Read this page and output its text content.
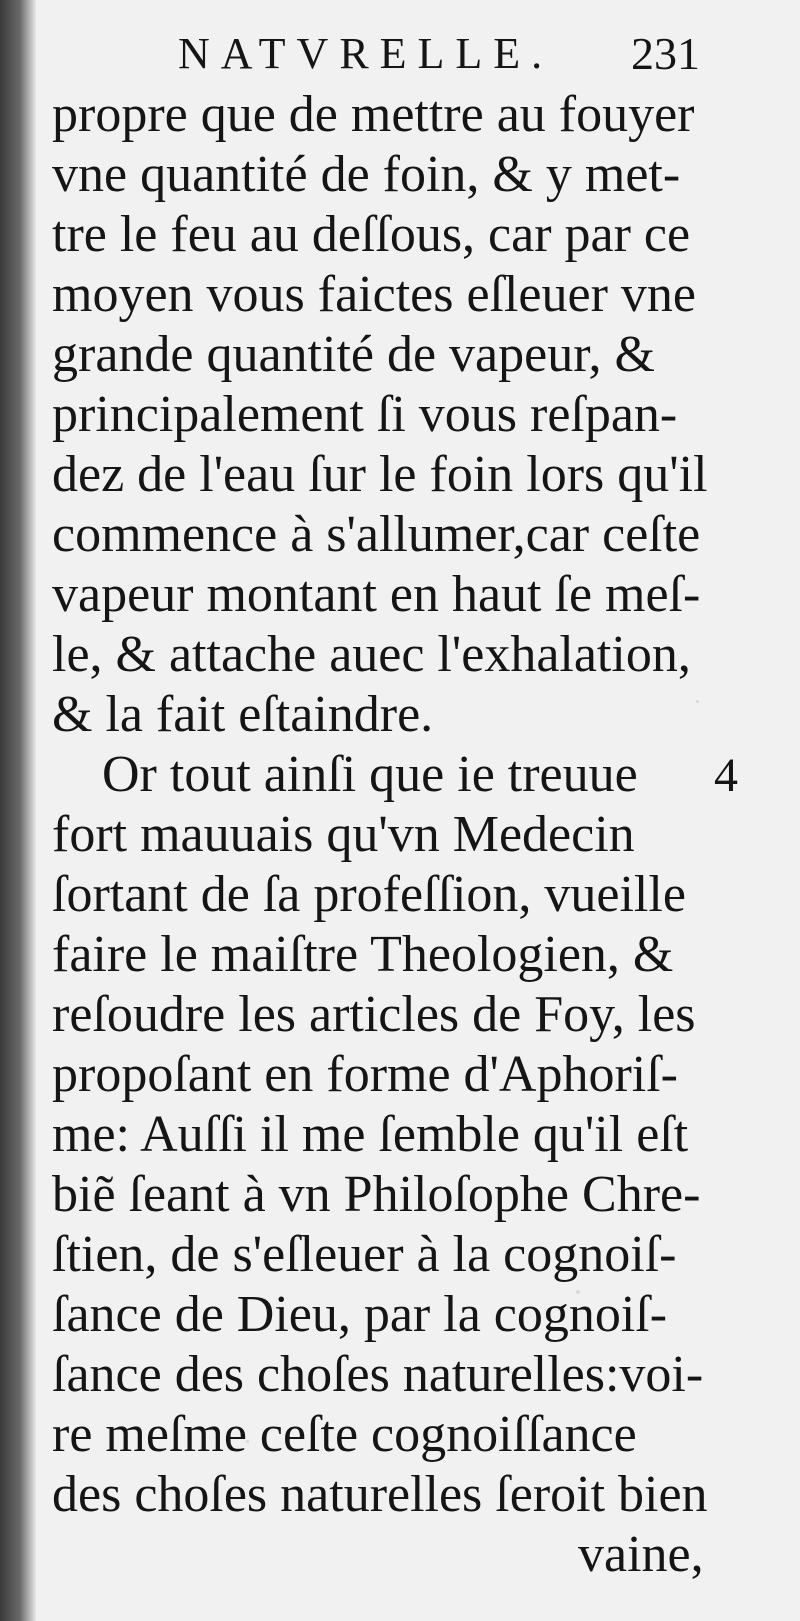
NATVRELLE. 231
4
propre que de mettre au fouyer
vne quantité de foin, & y met-
tre le feu au deſſous, car par ce
moyen vous faictes eſleuer vne
grande quantité de vapeur, &
principalement ſi vous reſpan-
dez de l'eau ſur le foin lors qu'il
commence à s'allumer,car ceſte
vapeur montant en haut ſe meſ-
le, & attache auec l'exhalation,
& la fait eſtaindre.
Or tout ainſi que ie treuue
fort mauuais qu'vn Medecin
ſortant de ſa profeſſion, vueille
faire le maiſtre Theologien, &
reſoudre les articles de Foy, les
propoſant en forme d'Aphoriſ-
me: Auſſi il me ſemble qu'il eſt
biẽ ſeant à vn Philoſophe Chre-
ſtien, de s'eſleuer à la cognoiſ-
ſance de Dieu, par la cognoiſ-
ſance des choſes naturelles:voi-
re meſme ceſte cognoiſſance
des choſes naturelles ſeroit bien
vaine,
